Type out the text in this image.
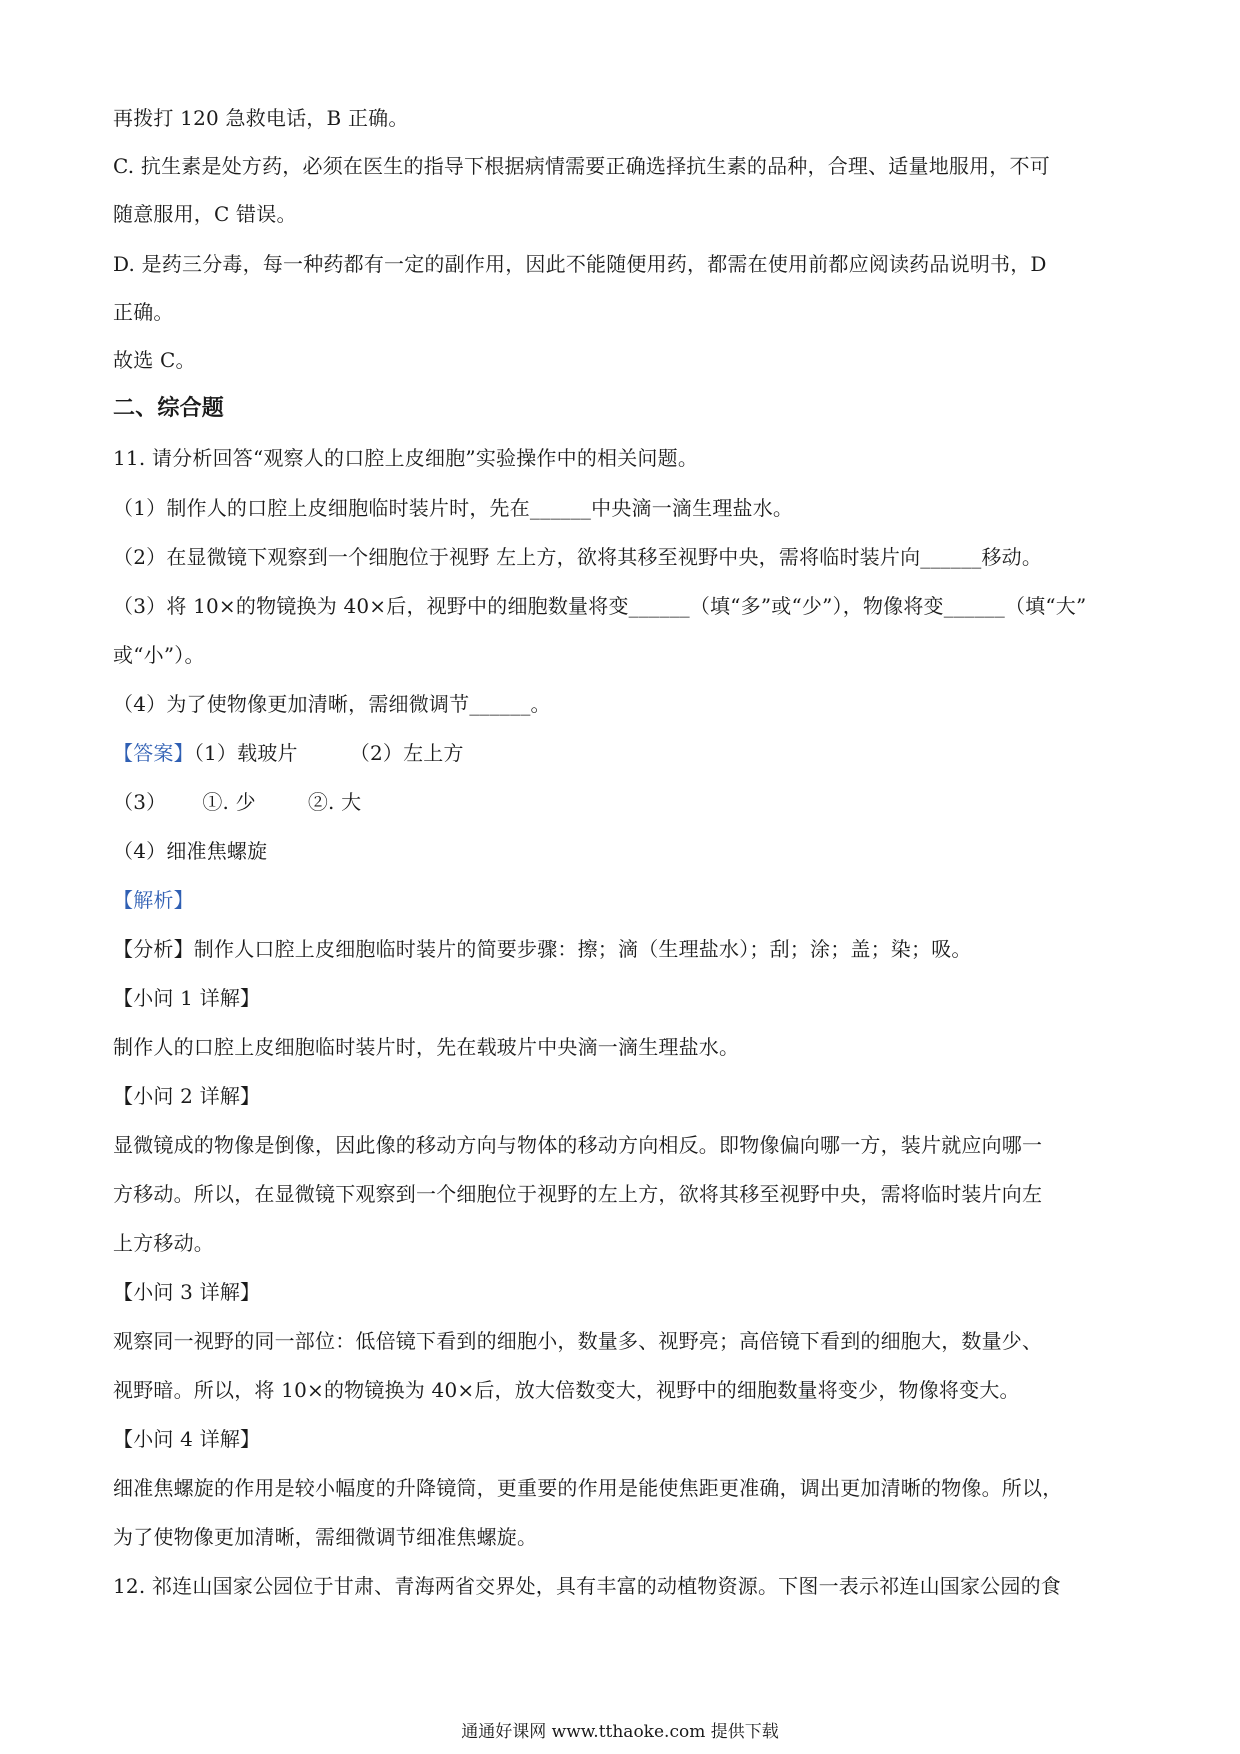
再拨打 120 急救电话，B 正确。
C. 抗生素是处方药，必须在医生的指导下根据病情需要正确选择抗生素的品种，合理、适量地服用，不可
随意服用，C 错误。
D. 是药三分毒，每一种药都有一定的副作用，因此不能随便用药，都需在使用前都应阅读药品说明书，D
正确。
故选 C。
二、综合题
11. 请分析回答“观察人的口腔上皮细胞”实验操作中的相关问题。
（1）制作人的口腔上皮细胞临时装片时，先在______中央滴一滴生理盐水。
（2）在显微镜下观察到一个细胞位于视野 左上方，欲将其移至视野中央，需将临时装片向______移动。
（3）将 10×的物镜换为 40×后，视野中的细胞数量将变______（填“多”或“少”），物像将变______（填“大”
或“小”）。
（4）为了使物像更加清晰，需细微调节______。
【答案】（1）载玻片	（2）左上方
（3） ①. 少	②. 大
（4）细准焦螺旋
【解析】
【分析】制作人口腔上皮细胞临时装片的简要步骤：擦；滴（生理盐水）；刮；涂；盖；染；吸。
【小问 1 详解】
制作人的口腔上皮细胞临时装片时，先在载玻片中央滴一滴生理盐水。
【小问 2 详解】
显微镜成的物像是倒像，因此像的移动方向与物体的移动方向相反。即物像偏向哪一方，装片就应向哪一
方移动。所以，在显微镜下观察到一个细胞位于视野的左上方，欲将其移至视野中央，需将临时装片向左
上方移动。
【小问 3 详解】
观察同一视野的同一部位：低倍镜下看到的细胞小，数量多、视野亮；高倍镜下看到的细胞大，数量少、
视野暗。所以，将 10×的物镜换为 40×后，放大倍数变大，视野中的细胞数量将变少，物像将变大。
【小问 4 详解】
细准焦螺旋的作用是较小幅度的升降镜筒，更重要的作用是能使焦距更准确，调出更加清晰的物像。所以，
为了使物像更加清晰，需细微调节细准焦螺旋。
12. 祁连山国家公园位于甘肃、青海两省交界处，具有丰富的动植物资源。下图一表示祁连山国家公园的食
通通好课网 www.tthaoke.com 提供下载
